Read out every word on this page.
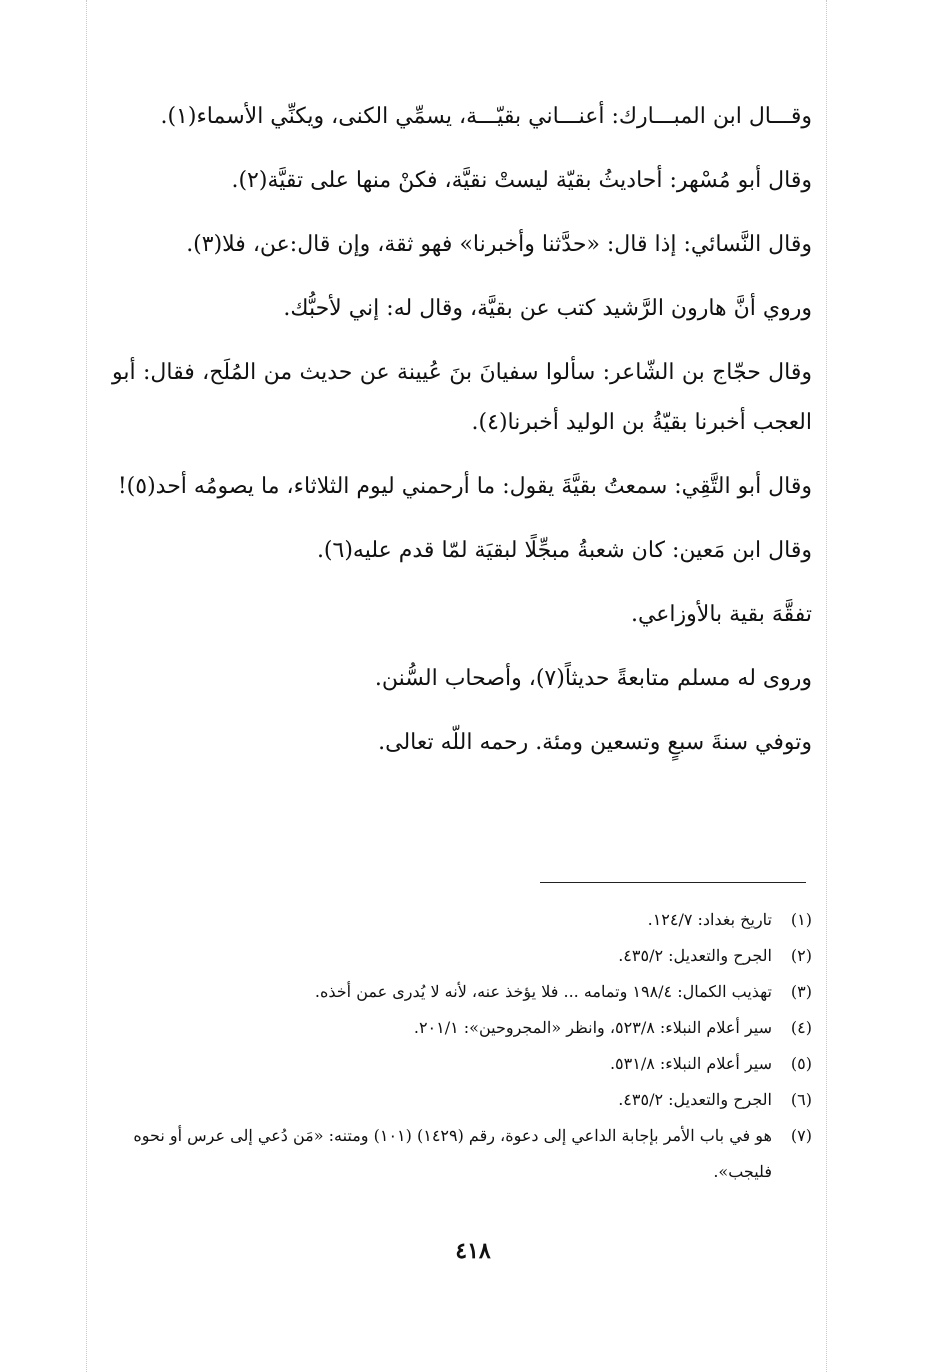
وقـــال ابن المبـــارك: أعنـــاني بقيّـــة، يسمِّي الكنى، ويكنِّي الأسماء(١).

وقال أبو مُسْهر: أحاديثُ بقيّة ليستْ نقيَّة، فكنْ منها على تقيَّة(٢).

وقال النَّسائي: إذا قال: «حدَّثنا وأخبرنا» فهو ثقة، وإن قال:عن، فلا(٣).

وروي أنَّ هارون الرَّشيد كتب عن بقيَّة، وقال له: إني لأحبُّك.

وقال حجّاج بن الشّاعر: سألوا سفيانَ بنَ عُيينة عن حديث من المُلَح، فقال: أبو العجب أخبرنا بقيّةُ بن الوليد أخبرنا(٤).

وقال أبو التَّقِي: سمعتُ بقيَّةَ يقول: ما أرحمني ليوم الثلاثاء، ما يصومُه أحد(٥)!

وقال ابن مَعين: كان شعبةُ مبجِّلًا لبقيَة لمّا قدم عليه(٦).

تفقَّهَ بقية بالأوزاعي.

وروى له مسلم متابعةً حديثاً(٧)، وأصحاب السُّنن.

وتوفي سنةَ سبعٍ وتسعين ومئة. رحمه اللّه تعالى.

(١)
تاريخ بغداد: ١٢٤/٧.
(٢)
الجرح والتعديل: ٤٣٥/٢.
(٣)
تهذيب الكمال: ١٩٨/٤ وتمامه ... فلا يؤخذ عنه، لأنه لا يُدرى عمن أخذه.
(٤)
سير أعلام النبلاء: ٥٢٣/٨، وانظر «المجروحين»: ٢٠١/١.
(٥)
سير أعلام النبلاء: ٥٣١/٨.
(٦)
الجرح والتعديل: ٤٣٥/٢.
(٧)
هو في باب الأمر بإجابة الداعي إلى دعوة، رقم (١٤٢٩) (١٠١) ومتنه: «مَن دُعي إلى عرس أو نحوه فليجب».
٤١٨
